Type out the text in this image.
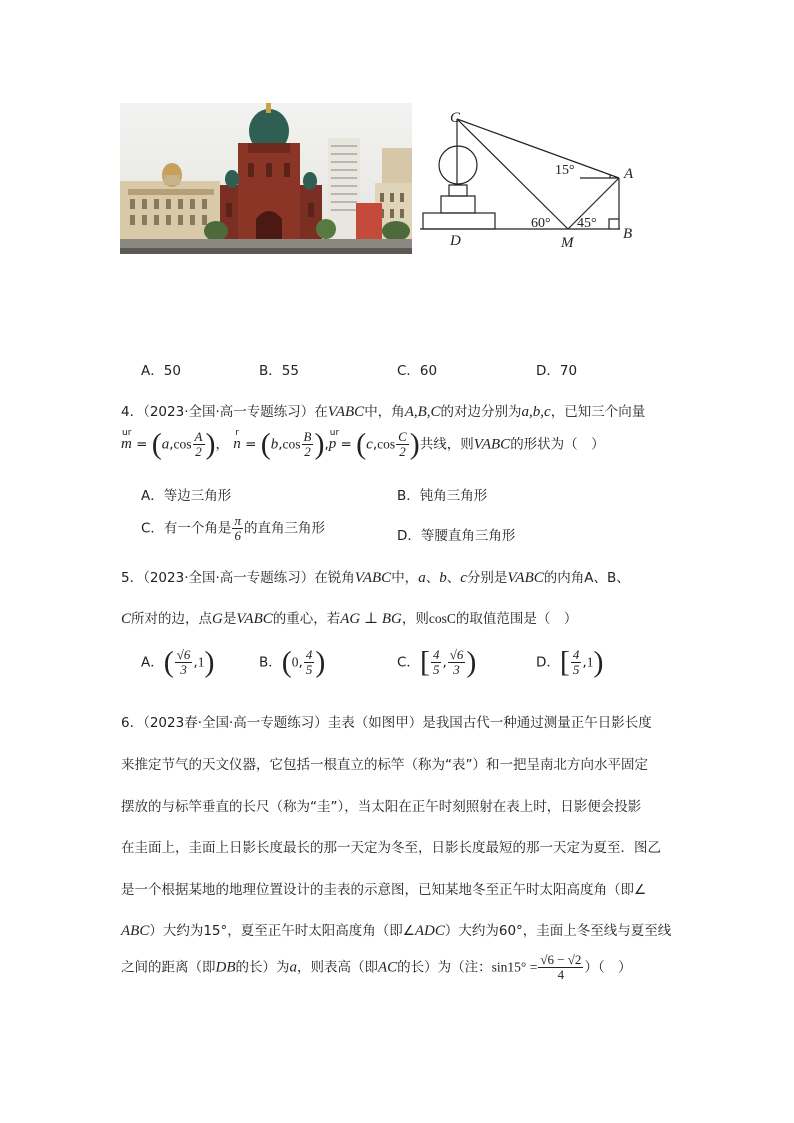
C
A
B
D	M
15°
60° 45°
A．50	B．55	C．60	D．70
4．（2023·全国·高一专题练习）在VABC中，角A,B,C的对边分别为a,b,c，已知三个向量
ur
$m = (a,\cos \frac{A}{2}$ )，
r
$n = (b,\cos \frac{B}{2}$ ),
ur
$p = (c,\cos \frac{C}{2}$ )共线，则VABC的形状为（　）
A．等边三角形	B．钝角三角形
C．有一个角是 $\frac{\pi}{6}$ 的直角三角形	D．等腰直角三角形
5．（2023·全国·高一专题练习）在锐角VABC中，a、b、c分别是VABC的内角A、B、
C所对的边，点G是VABC的重心，若AG ⊥ BG，则cosC的取值范围是（　）
A．( $\frac{√6}{3} ,1$)	B．(0, $\frac{4}{5}$ )	C．[ $\frac{4}{5}$ , $\frac{√6}{3}$ )	D．[ $\frac{4}{5} ,1$)
6．（2023春·全国·高一专题练习）圭表（如图甲）是我国古代一种通过测量正午日影长度
来推定节气的天文仪器，它包括一根直立的标竿（称为“表”）和一把呈南北方向水平固定
摆放的与标竿垂直的长尺（称为“圭”），当太阳在正午时刻照射在表上时，日影便会投影
在圭面上，圭面上日影长度最长的那一天定为冬至，日影长度最短的那一天定为夏至．图乙
是一个根据某地的地理位置设计的圭表的示意图，已知某地冬至正午时太阳高度角（即∠
ABC）大约为15°，夏至正午时太阳高度角（即∠ADC）大约为60°，圭面上冬至线与夏至线
之间的距离（即DB的长）为a，则表高（即AC的长）为（注：$\sin 15^\circ = \frac{√6 - √2}{4}$ ）（　）
